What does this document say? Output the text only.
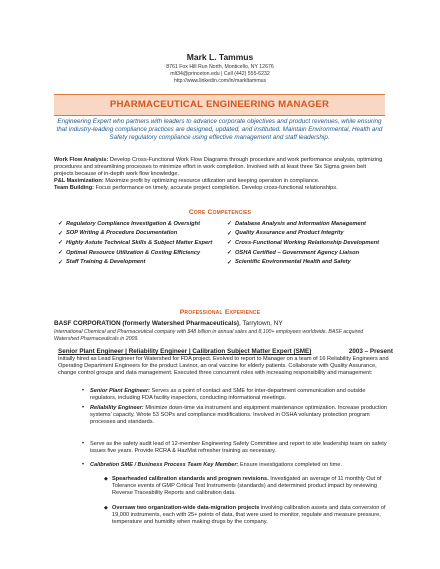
Mark L. Tammus
8761 Fox Hill Run North, Monticello, NY 12676
mlt34@princeton.edu | Cell (442) 555-6232
http://www.linkedin.com/in/markltammus
PHARMACEUTICAL ENGINEERING MANAGER
Engineering Expert who partners with leaders to advance corporate objectives and product revenues, while ensuring that industry-leading compliance practices are designed, updated, and instituted. Maintain Environmental, Health and Safety regulatory compliance using effective management and staff leadership.
Work Flow Analysis: Develop Cross-Functional Work Flow Diagrams through procedure and work performance analysis, optimizing procedures and streamlining processes to minimize effort in work completion. Involved with at least three Six Sigma green belt projects because of in-depth work flow knowledge.
P&L Maximization: Maximize profit by optimizing resource utilization and keeping operation in compliance.
Team Building: Focus performance on timely, accurate project completion. Develop cross-functional relationships.
Core Competencies
✓ Regulatory Compliance Investigation & Oversight
✓ SOP Writing & Procedure Documentation
✓ Highly Astute Technical Skills & Subject Matter Expert
✓ Optimal Resource Utilization & Costing Efficiency
✓ Staff Training & Development
✓ Database Analysis and Information Management
✓ Quality Assurance and Product Integrity
✓ Cross-Functional Working Relationship Development
✓ OSHA Certified – Government Agency Liaison
✓ Scientific Environmental Health and Safety
Professional Experience
BASF CORPORATION (formerly Watershed Pharmaceuticals), Tarrytown, NY
International Chemical and Pharmaceutical company with $48 billion in annual sales and 8,100+ employees worldwide. BASF acquired Watershed Pharmaceuticals in 2009.
Senior Plant Engineer | Reliability Engineer | Calibration Subject Matter Expert (SME)	2003 – Present
Initially hired as Lead Engineer for Watershed for FDA project. Evolved to report to Manager on a team of 16 Reliability Engineers and Operating Department Engineers for the product Lavinor, an oral vaccine for elderly patients. Collaborate with Quality Assurance, change control groups and data management. Executed three concurrent roles with increasing responsibility and management:
•	Senior Plant Engineer: Serves as a point of contact and SME for inter-department communication and outside regulators, including FDA facility inspectors, conducting informational meetings.
•	Reliability Engineer: Minimize down-time via instrument and equipment maintenance optimization. Increase production systems’ capacity. Wrote 53 SOPs and compliance modifications. Involved in OSHA voluntary protection program processes and standards.
•	Serve as the safety audit lead of 12-member Engineering Safety Committee and report to site leadership team on safety issues five years. Provide RCRA & HazMat refresher training as necessary.
•	Calibration SME / Business Process Team Key Member: Ensure investigations completed on time.
◆ Spearheaded calibration standards and program revisions. Investigated an average of 11 monthly Out of Tolerance events of GMP Critical Test Instruments (standards) and determined product impact by reviewing Reverse Traceability Reports and calibration data.
◆ Oversaw two organization-wide data-migration projects involving calibration assets and data conversion of 19,000 instruments, each with 25+ points of data, that were used to monitor, regulate and measure pressure, temperature and humidity when making drugs by the company.
